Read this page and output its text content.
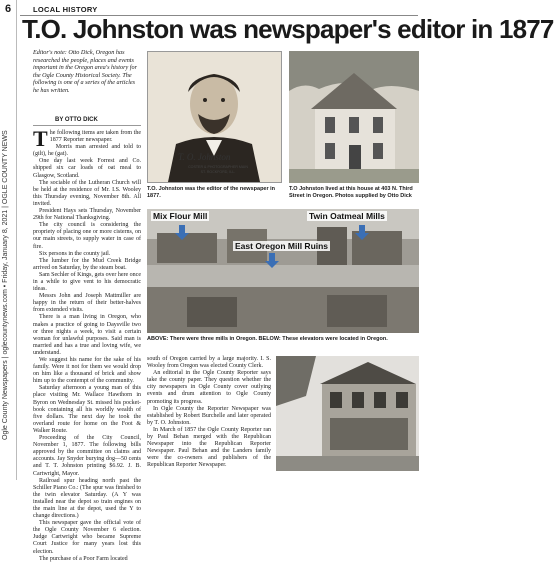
6
Ogle County Newspapers | oglecountynews.com • Friday, January 8, 2021 | OGLE COUNTY NEWS
LOCAL HISTORY
T.O. Johnston was newspaper's editor in 1877

Editor's note: Otto Dick, Oregon has researched the people, places and events important in the Oregon area's history for the Ogle County Historical Society. The following is one of a series of the articles he has written.

BY OTTO DICK

The following items are taken from the 1877 Reporter newspaper.

Morris man arrested and told to (gilt), he (gat).

One day last week Forrest and Co. shipped six car loads of oat meal to Glasgow, Scotland.

The sociable of the Lutheran Church will be held at the residence of Mr. I.S. Wooley this Thursday evening, November 8th. All invited.

President Hays sets Thursday, November 29th for National Thanksgiving.

The city council is considering the propriety of placing one or more cisterns, on our main streets, to supply water in case of fire.

Six persons in the county jail.

The lumber for the Mud Creek Bridge arrived on Saturday, by the steam boat.

Sam Sechler of Kings, gets over here once in a while to give vent to his democratic ideas.

Messrs John and Joseph Mattmiller are happy in the return of their better-halves from extended visits.

There is a man living in Oregon, who makes a practice of going to Daysville two or three nights a week, to visit a certain woman for unlawful purposes. Said man is married and has a true and loving wife, we understand.

We suggest his name for the sake of his family. Were it not for them we would drop on him like a thousand of brick and show him up to the contempt of the community.

Saturday afternoon a young man of this place visiting Mr. Wallace Hawthorn in Byron on Wednesday St. missed his pocket-book containing all his worldly wealth of five dollars. The next day he took the overland route for home on the Foot & Walker Route.

Proceeding of the City Council, November 1, 1877. The following bills approved by the committee on claims and accounts. Jay Snyder burying dog—50 cents and T. T. Johnston printing $6.92. J. B. Cartwright, Mayor.

Railroad spur heading north past the Schiller Piano Co.: (The spur was finished to the twin elevator Saturday. (A Y was installed near the depot so train engines on the main line at the depot, used the Y to change directions.)

This newspaper gave the official vote of the Ogle County November 6 election. Judge Cartwright who became Supreme Court Justice for many years lost this election.

The purchase of a Poor Farm located

T. O. Johnston
COSTER & PHOTOGRAPHER MAIN ST. ROCKFORD, ILL.

T.O. Johnston was the editor of the newspaper in 1877.

T.O Johnston lived at this house at 403 N. Third Street in Oregon. Photos supplied by Otto Dick

Mix Flour Mill	Twin Oatmeal Mills
East Oregon Mill Ruins

ABOVE: There were three mills in Oregon. BELOW: These elevators were located in Oregon.

south of Oregon carried by a large majority. I. S. Wooley from Oregon was elected County Clerk.

An editorial in the Ogle County Reporter says take the county paper. They question whether the city newspapers in Ogle County cover outlying events and drum attention to Ogle County promoting its progress.

In Ogle County the Reporter Newspaper was established by Robert Burchelle and later operated by T. O. Johnston.

In March of 1857 the Ogle County Reporter ran by Paul Behan merged with the Republican Newspaper into the Republican Reporter Newspaper. Paul Behan and the Landers family were the co-owners and publishers of the Republican Reporter Newspaper.
